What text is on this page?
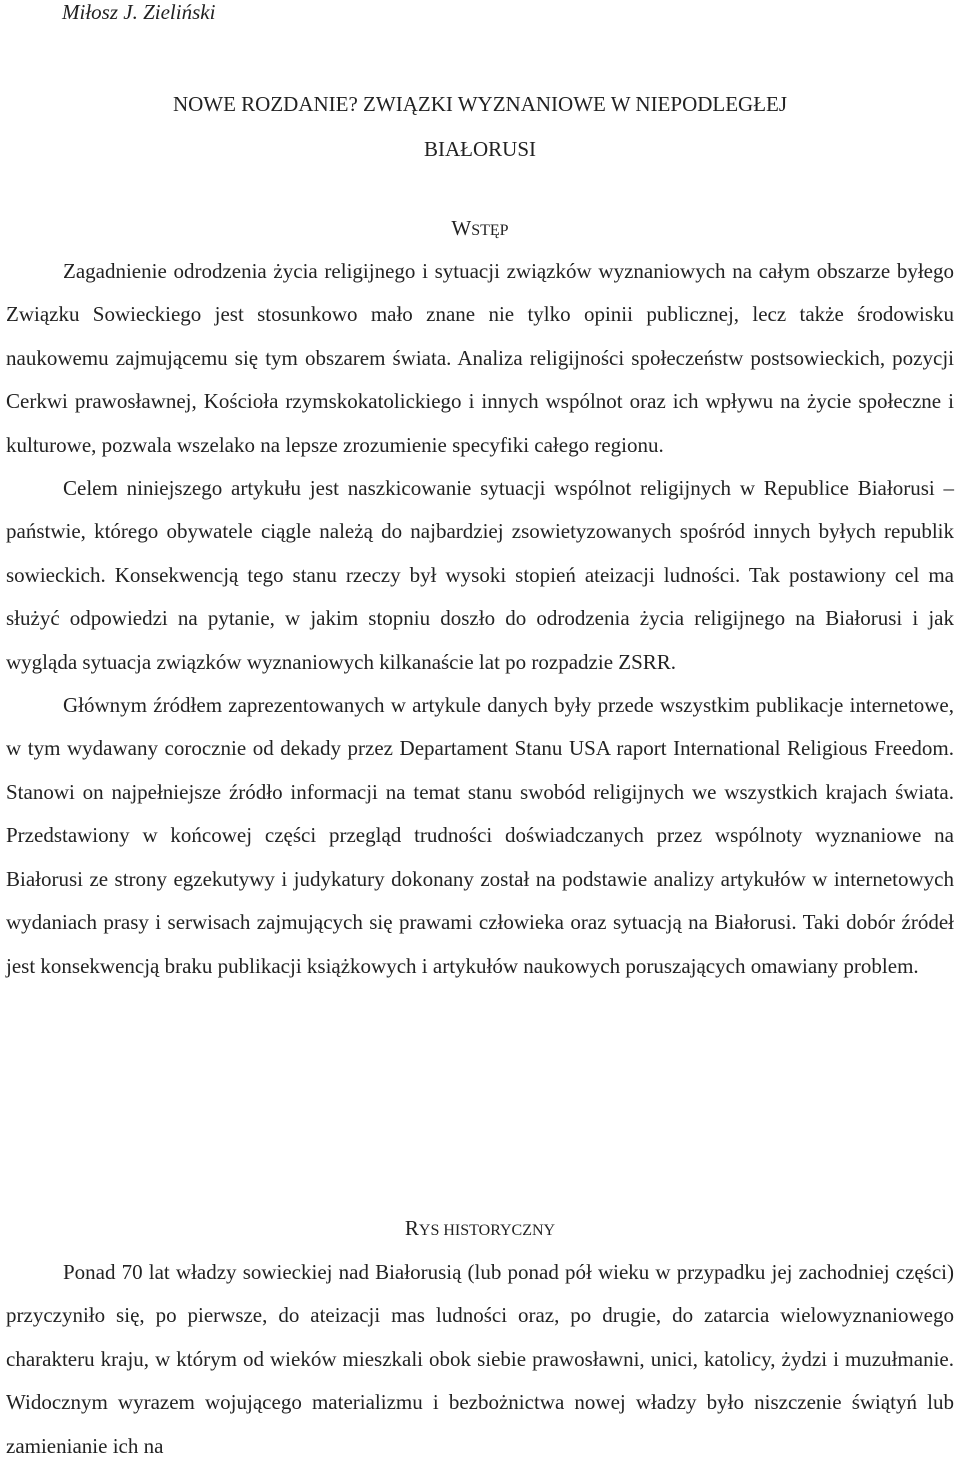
Miłosz J. Zieliński

NOWE ROZDANIE? ZWIĄZKI WYZNANIOWE W NIEPODLEGŁEJ
BIAŁORUSI
WSTĘP

Zagadnienie odrodzenia życia religijnego i sytuacji związków wyznaniowych na całym obszarze byłego Związku Sowieckiego jest stosunkowo mało znane nie tylko opinii publicznej, lecz także środowisku naukowemu zajmującemu się tym obszarem świata. Analiza religijności społeczeństw postsowieckich, pozycji Cerkwi prawosławnej, Kościoła rzymskokatolickiego i innych wspólnot oraz ich wpływu na życie społeczne i kulturowe, pozwala wszelako na lepsze zrozumienie specyfiki całego regionu.

Celem niniejszego artykułu jest naszkicowanie sytuacji wspólnot religijnych w Republice Białorusi – państwie, którego obywatele ciągle należą do najbardziej zsowietyzowanych spośród innych byłych republik sowieckich. Konsekwencją tego stanu rzeczy był wysoki stopień ateizacji ludności. Tak postawiony cel ma służyć odpowiedzi na pytanie, w jakim stopniu doszło do odrodzenia życia religijnego na Białorusi i jak wygląda sytuacja związków wyznaniowych kilkanaście lat po rozpadzie ZSRR.

Głównym źródłem zaprezentowanych w artykule danych były przede wszystkim publikacje internetowe, w tym wydawany corocznie od dekady przez Departament Stanu USA raport International Religious Freedom. Stanowi on najpełniejsze źródło informacji na temat stanu swobód religijnych we wszystkich krajach świata. Przedstawiony w końcowej części przegląd trudności doświadczanych przez wspólnoty wyznaniowe na Białorusi ze strony egzekutywy i judykatury dokonany został na podstawie analizy artykułów w internetowych wydaniach prasy i serwisach zajmujących się prawami człowieka oraz sytuacją na Białorusi. Taki dobór źródeł jest konsekwencją braku publikacji książkowych i artykułów naukowych poruszających omawiany problem.

RYS HISTORYCZNY

Ponad 70 lat władzy sowieckiej nad Białorusią (lub ponad pół wieku w przypadku jej zachodniej części) przyczyniło się, po pierwsze, do ateizacji mas ludności oraz, po drugie, do zatarcia wielowyznaniowego charakteru kraju, w którym od wieków mieszkali obok siebie prawosławni, unici, katolicy, żydzi i muzułmanie. Widocznym wyrazem wojującego materializmu i bezbożnictwa nowej władzy było niszczenie świątyń lub zamienianie ich na
